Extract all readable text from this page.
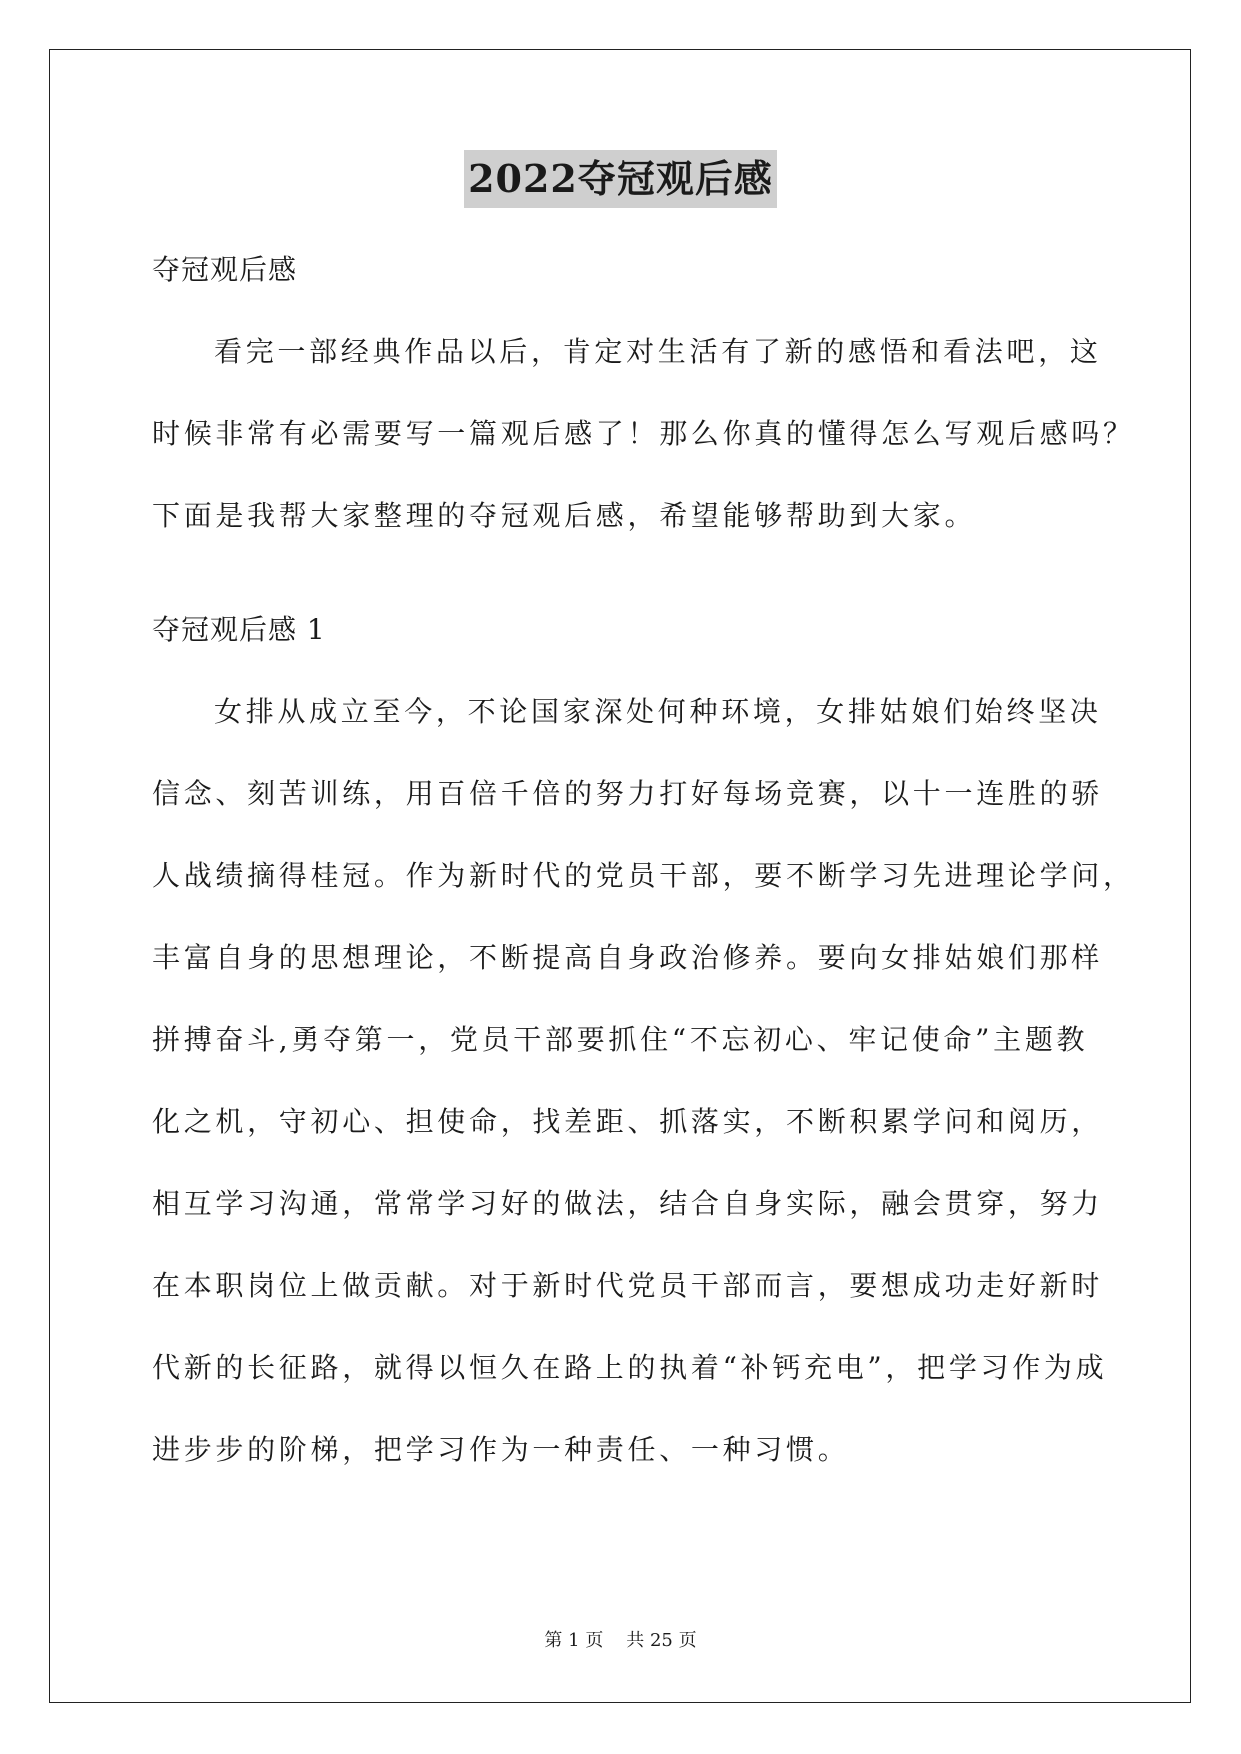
2022夺冠观后感
夺冠观后感
看完一部经典作品以后，肯定对生活有了新的感悟和看法吧，这
时候非常有必需要写一篇观后感了！那么你真的懂得怎么写观后感吗？
下面是我帮大家整理的夺冠观后感，希望能够帮助到大家。
夺冠观后感 1
女排从成立至今，不论国家深处何种环境，女排姑娘们始终坚决
信念、刻苦训练，用百倍千倍的努力打好每场竞赛，以十一连胜的骄
人战绩摘得桂冠。作为新时代的党员干部，要不断学习先进理论学问，
丰富自身的思想理论，不断提高自身政治修养。要向女排姑娘们那样
拼搏奋斗,勇夺第一，党员干部要抓住“不忘初心、牢记使命”主题教
化之机，守初心、担使命，找差距、抓落实，不断积累学问和阅历，
相互学习沟通，常常学习好的做法，结合自身实际，融会贯穿，努力
在本职岗位上做贡献。对于新时代党员干部而言，要想成功走好新时
代新的长征路，就得以恒久在路上的执着“补钙充电”，把学习作为成
进步步的阶梯，把学习作为一种责任、一种习惯。
第 1 页 共 25 页
